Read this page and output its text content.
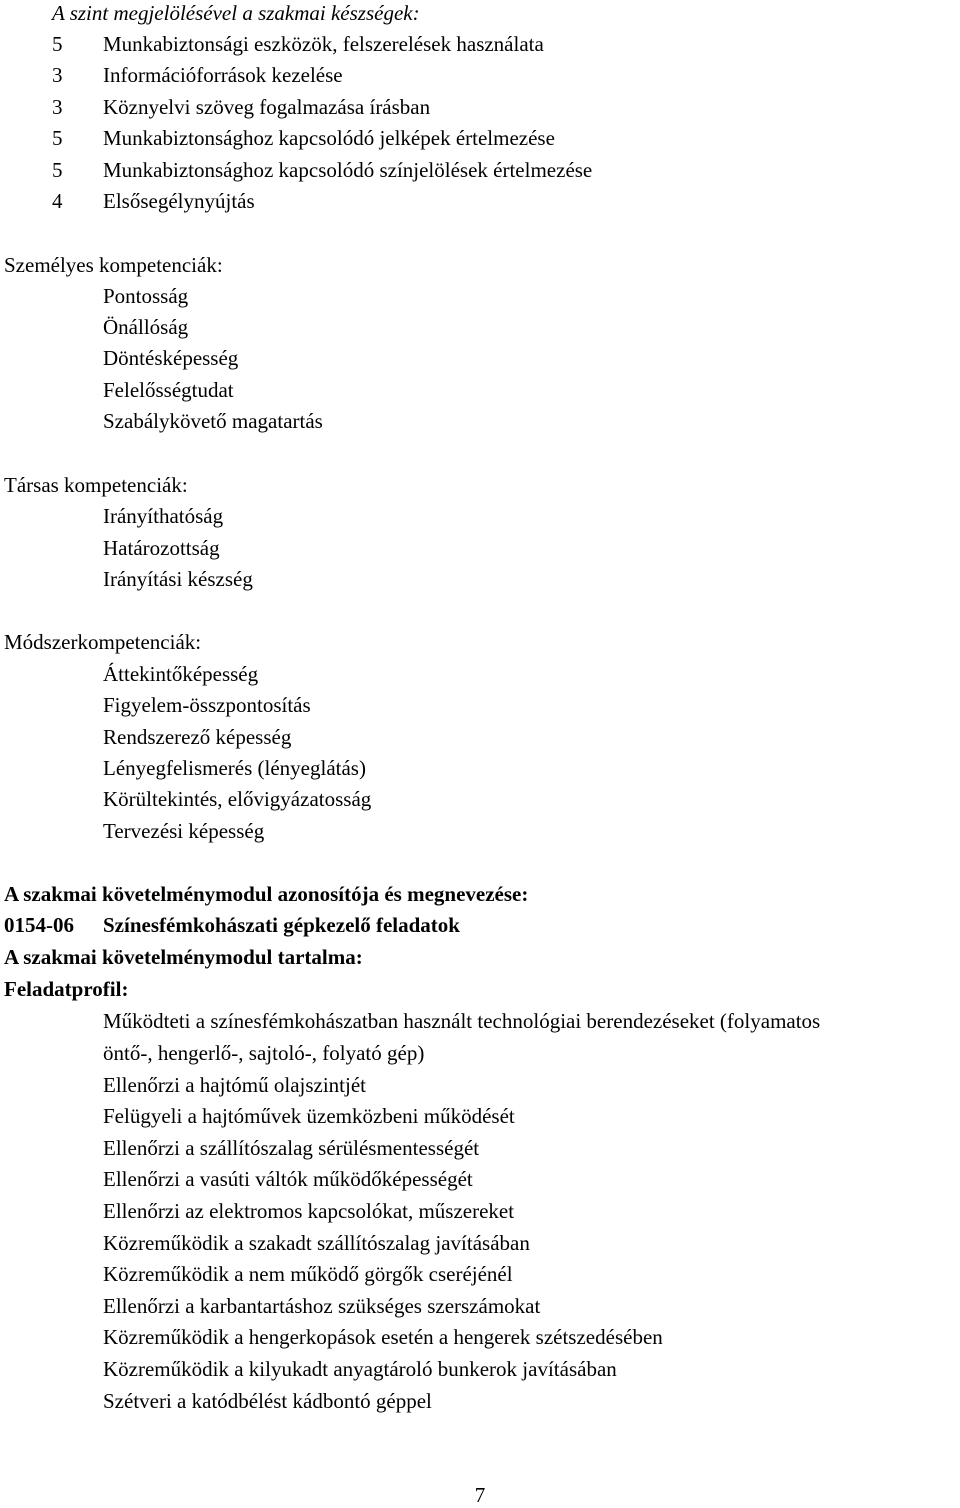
A szint megjelölésével a szakmai készségek:
5 Munkabiztonsági eszközök, felszerelések használata
3 Információforrások kezelése
3 Köznyelvi szöveg fogalmazása írásban
5 Munkabiztonsághoz kapcsolódó jelképek értelmezése
5 Munkabiztonsághoz kapcsolódó színjelölések értelmezése
4 Elsősegélynyújtás
Személyes kompetenciák:
Pontosság
Önállóság
Döntésképesség
Felelősségtudat
Szabálykövető magatartás
Társas kompetenciák:
Irányíthatóság
Határozottság
Irányítási készség
Módszerkompetenciák:
Áttekintőképesség
Figyelem-összpontosítás
Rendszerező képesség
Lényegfelismerés (lényeglátás)
Körültekintés, elővigyázatosság
Tervezési képesség
A szakmai követelménymodul azonosítója és megnevezése:
0154-06 Színesfémkohászati gépkezelő feladatok
A szakmai követelménymodul tartalma:
Feladatprofil:
Működteti a színesfémkohászatban használt technológiai berendezéseket (folyamatos
öntő-, hengerlő-, sajtoló-, folyató gép)
Ellenőrzi a hajtómű olajszintjét
Felügyeli a hajtóművek üzemközbeni működését
Ellenőrzi a szállítószalag sérülésmentességét
Ellenőrzi a vasúti váltók működőképességét
Ellenőrzi az elektromos kapcsolókat, műszereket
Közreműködik a szakadt szállítószalag javításában
Közreműködik a nem működő görgők cseréjénél
Ellenőrzi a karbantartáshoz szükséges szerszámokat
Közreműködik a hengerkopások esetén a hengerek szétszedésében
Közreműködik a kilyukadt anyagtároló bunkerok javításában
Szétveri a katódbélést kádbontó géppel
7
